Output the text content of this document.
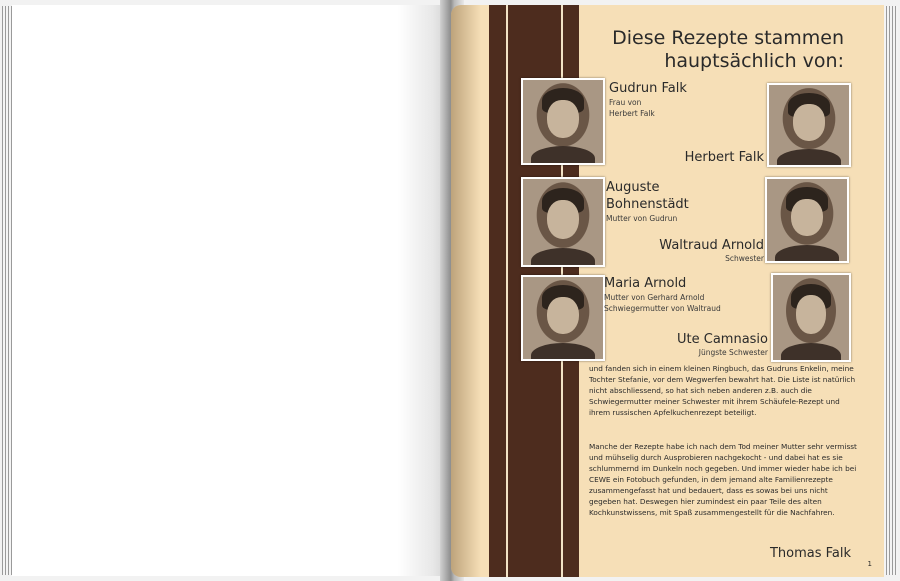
Diese Rezepte stammen
hauptsächlich von:
Gudrun Falk
Frau von
Herbert Falk
Herbert Falk
Auguste
Bohnenstädt
Mutter von Gudrun
Waltraud Arnold
Schwester
Maria Arnold
Mutter von Gerhard Arnold
Schwiegermutter von Waltraud
Ute Camnasio
Jüngste Schwester
und fanden sich in einem kleinen Ringbuch, das Gudruns Enkelin, meine Tochter Stefanie, vor dem Wegwerfen bewahrt hat. Die Liste ist natürlich nicht abschliessend, so hat sich neben anderen z.B. auch die Schwiegermutter meiner Schwester mit ihrem Schäufele-Rezept und ihrem russischen Apfelkuchenrezept beteiligt.
Manche der Rezepte habe ich nach dem Tod meiner Mutter sehr vermisst und mühselig durch Ausprobieren nachgekocht - und dabei hat es sie schlummernd im Dunkeln noch gegeben. Und immer wieder habe ich bei CEWE ein Fotobuch gefunden, in dem jemand alte Familienrezepte zusammengefasst hat und bedauert, dass es sowas bei uns nicht gegeben hat. Deswegen hier zumindest ein paar Teile des alten Kochkunstwissens, mit Spaß zusammengestellt für die Nachfahren.
Thomas Falk
1
